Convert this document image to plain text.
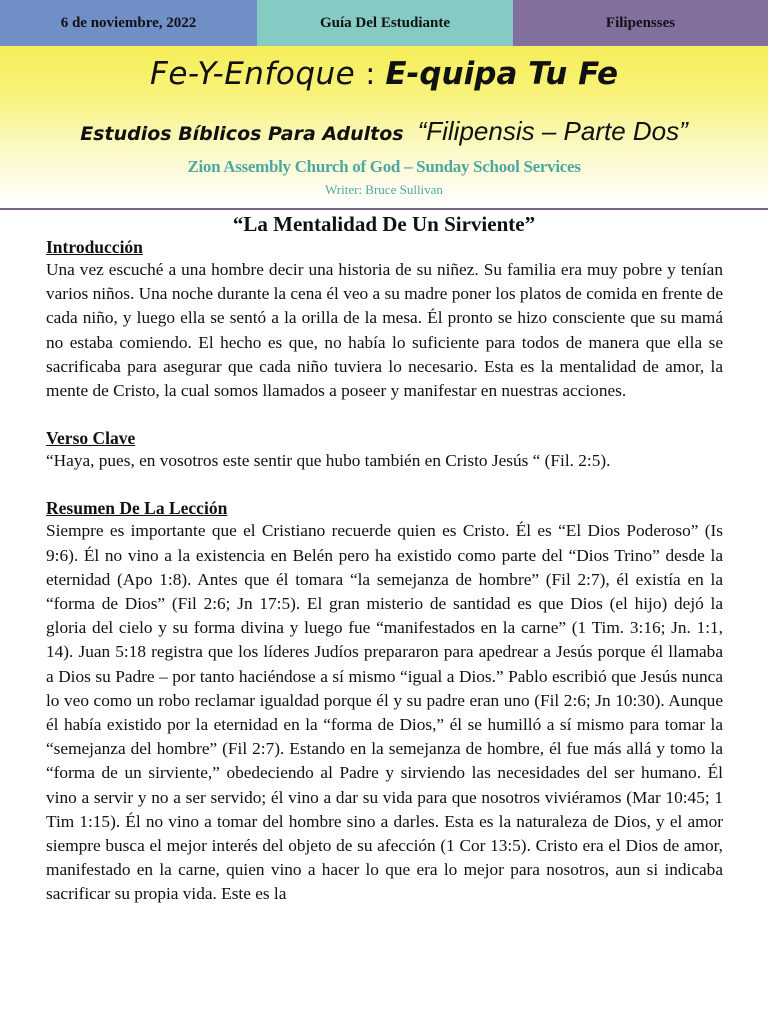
6 de noviembre, 2022	Guía Del Estudiante	Filipensses
Fe-Y-Enfoque : E-quipa Tu Fe
Estudios Bíblicos Para Adultos “Filipensis – Parte Dos”
Zion Assembly Church of God – Sunday School Services
Writer: Bruce Sullivan
“La Mentalidad De Un Sirviente”

Introducción

Una vez escuché a una hombre decir una historia de su niñez. Su familia era muy pobre y tenían varios niños. Una noche durante la cena él veo a su madre poner los platos de comida en frente de cada niño, y luego ella se sentó a la orilla de la mesa. Él pronto se hizo consciente que su mamá no estaba comiendo. El hecho es que, no había lo suficiente para todos de manera que ella se sacrificaba para asegurar que cada niño tuviera lo necesario. Esta es la mentalidad de amor, la mente de Cristo, la cual somos llamados a poseer y manifestar en nuestras acciones.

Verso Clave

“Haya, pues, en vosotros este sentir que hubo también en Cristo Jesús “ (Fil. 2:5).

Resumen De La Lección

Siempre es importante que el Cristiano recuerde quien es Cristo. Él es “El Dios Poderoso” (Is 9:6). Él no vino a la existencia en Belén pero ha existido como parte del “Dios Trino” desde la eternidad (Apo 1:8). Antes que él tomara “la semejanza de hombre” (Fil 2:7), él existía en la “forma de Dios” (Fil 2:6; Jn 17:5). El gran misterio de santidad es que Dios (el hijo) dejó la gloria del cielo y su forma divina y luego fue “manifestados en la carne” (1 Tim. 3:16; Jn. 1:1, 14). Juan 5:18 registra que los líderes Judíos prepararon para apedrear a Jesús porque él llamaba a Dios su Padre – por tanto haciéndose a sí mismo “igual a Dios.” Pablo escribió que Jesús nunca lo veo como un robo reclamar igualdad porque él y su padre eran uno (Fil 2:6; Jn 10:30). Aunque él había existido por la eternidad en la “forma de Dios,” él se humilló a sí mismo para tomar la “semejanza del hombre” (Fil 2:7). Estando en la semejanza de hombre, él fue más allá y tomo la “forma de un sirviente,” obedeciendo al Padre y sirviendo las necesidades del ser humano. Él vino a servir y no a ser servido; él vino a dar su vida para que nosotros viviéramos (Mar 10:45; 1 Tim 1:15). Él no vino a tomar del hombre sino a darles. Esta es la naturaleza de Dios, y el amor siempre busca el mejor interés del objeto de su afección (1 Cor 13:5). Cristo era el Dios de amor, manifestado en la carne, quien vino a hacer lo que era lo mejor para nosotros, aun si indicaba sacrificar su propia vida. Este es la
